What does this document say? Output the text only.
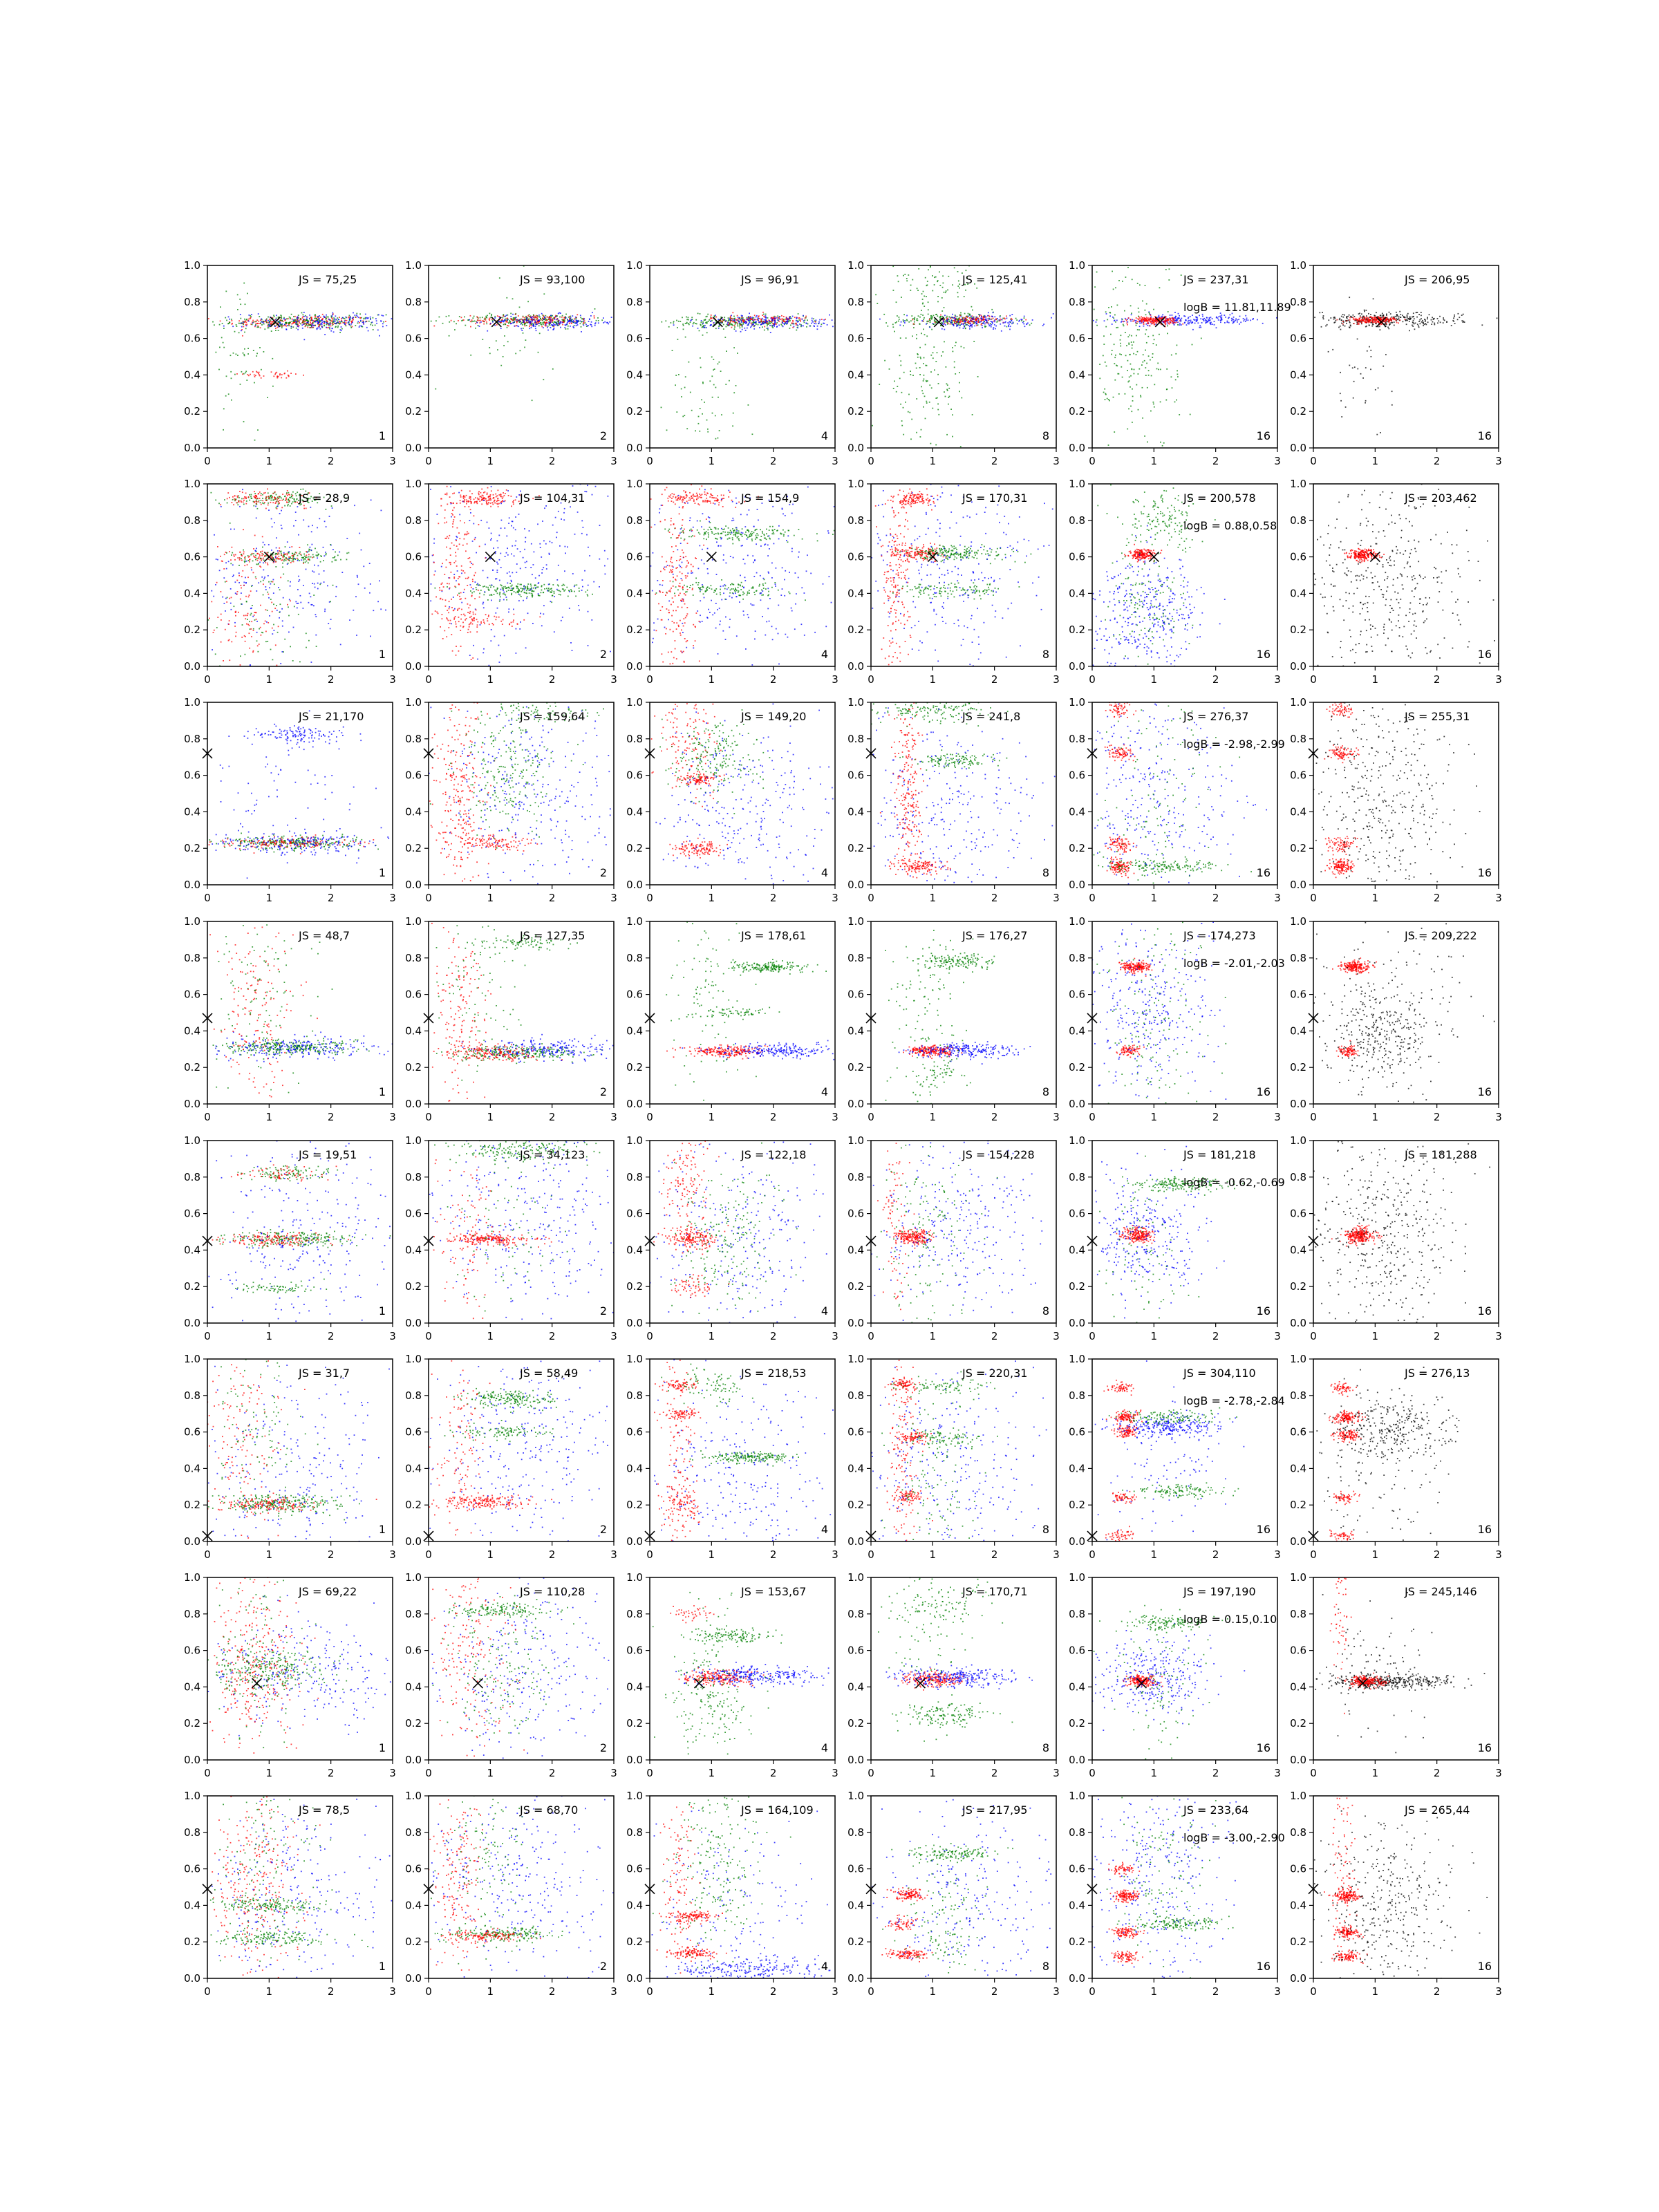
0	1	2	3
0.0
0.2
0.4
0.6
0.8
1.0
JS = 75,25
1
0	1	2	3
0.0
0.2
0.4
0.6
0.8
1.0
JS = 93,100
2
0	1	2	3
0.0
0.2
0.4
0.6
0.8
1.0
JS = 96,91
4
0	1	2	3
0.0
0.2
0.4
0.6
0.8
1.0
JS = 125,41
8
0	1	2	3
0.0
0.2
0.4
0.6
0.8
1.0
JS = 237,31
logB = 11.81,11.89
16
0	1	2	3
0.0
0.2
0.4
0.6
0.8
1.0
JS = 206,95
16
0	1	2	3
0.0
0.2
0.4
0.6
0.8
1.0
JS = 28,9
1
0	1	2	3
0.0
0.2
0.4
0.6
0.8
1.0
JS = 104,31
2
0	1	2	3
0.0
0.2
0.4
0.6
0.8
1.0
JS = 154,9
4
0	1	2	3
0.0
0.2
0.4
0.6
0.8
1.0
JS = 170,31
8
0	1	2	3
0.0
0.2
0.4
0.6
0.8
1.0
JS = 200,578
logB = 0.88,0.58
16
0	1	2	3
0.0
0.2
0.4
0.6
0.8
1.0
JS = 203,462
16
0	1	2	3
0.0
0.2
0.4
0.6
0.8
1.0
JS = 21,170
1
0	1	2	3
0.0
0.2
0.4
0.6
0.8
1.0
JS = 159,64
2
0	1	2	3
0.0
0.2
0.4
0.6
0.8
1.0
JS = 149,20
4
0	1	2	3
0.0
0.2
0.4
0.6
0.8
1.0
JS = 241,8
8
0	1	2	3
0.0
0.2
0.4
0.6
0.8
1.0
JS = 276,37
logB = -2.98,-2.99
16
0	1	2	3
0.0
0.2
0.4
0.6
0.8
1.0
JS = 255,31
16
0	1	2	3
0.0
0.2
0.4
0.6
0.8
1.0
JS = 48,7
1
0	1	2	3
0.0
0.2
0.4
0.6
0.8
1.0
JS = 127,35
2
0	1	2	3
0.0
0.2
0.4
0.6
0.8
1.0
JS = 178,61
4
0	1	2	3
0.0
0.2
0.4
0.6
0.8
1.0
JS = 176,27
8
0	1	2	3
0.0
0.2
0.4
0.6
0.8
1.0
JS = 174,273
logB = -2.01,-2.03
16
0	1	2	3
0.0
0.2
0.4
0.6
0.8
1.0
JS = 209,222
16
0	1	2	3
0.0
0.2
0.4
0.6
0.8
1.0
JS = 19,51
1
0	1	2	3
0.0
0.2
0.4
0.6
0.8
1.0
JS = 34,123
2
0	1	2	3
0.0
0.2
0.4
0.6
0.8
1.0
JS = 122,18
4
0	1	2	3
0.0
0.2
0.4
0.6
0.8
1.0
JS = 154,228
8
0	1	2	3
0.0
0.2
0.4
0.6
0.8
1.0
JS = 181,218
logB = -0.62,-0.69
16
0	1	2	3
0.0
0.2
0.4
0.6
0.8
1.0
JS = 181,288
16
0	1	2	3
0.0
0.2
0.4
0.6
0.8
1.0
JS = 31,7
1
0	1	2	3
0.0
0.2
0.4
0.6
0.8
1.0
JS = 58,49
2
0	1	2	3
0.0
0.2
0.4
0.6
0.8
1.0
JS = 218,53
4
0	1	2	3
0.0
0.2
0.4
0.6
0.8
1.0
JS = 220,31
8
0	1	2	3
0.0
0.2
0.4
0.6
0.8
1.0
JS = 304,110
logB = -2.78,-2.84
16
0	1	2	3
0.0
0.2
0.4
0.6
0.8
1.0
JS = 276,13
16
0	1	2	3
0.0
0.2
0.4
0.6
0.8
1.0
JS = 69,22
1
0	1	2	3
0.0
0.2
0.4
0.6
0.8
1.0
JS = 110,28
2
0	1	2	3
0.0
0.2
0.4
0.6
0.8
1.0
JS = 153,67
4
0	1	2	3
0.0
0.2
0.4
0.6
0.8
1.0
JS = 170,71
8
0	1	2	3
0.0
0.2
0.4
0.6
0.8
1.0
JS = 197,190
logB = 0.15,0.10
16
0	1	2	3
0.0
0.2
0.4
0.6
0.8
1.0
JS = 245,146
16
0	1	2	3
0.0
0.2
0.4
0.6
0.8
1.0
JS = 78,5
1
0	1	2	3
0.0
0.2
0.4
0.6
0.8
1.0
JS = 68,70
2
0	1	2	3
0.0
0.2
0.4
0.6
0.8
1.0
JS = 164,109
4
0	1	2	3
0.0
0.2
0.4
0.6
0.8
1.0
JS = 217,95
8
0	1	2	3
0.0
0.2
0.4
0.6
0.8
1.0
JS = 233,64
logB = -3.00,-2.90
16
0	1	2	3
0.0
0.2
0.4
0.6
0.8
1.0
JS = 265,44
16
